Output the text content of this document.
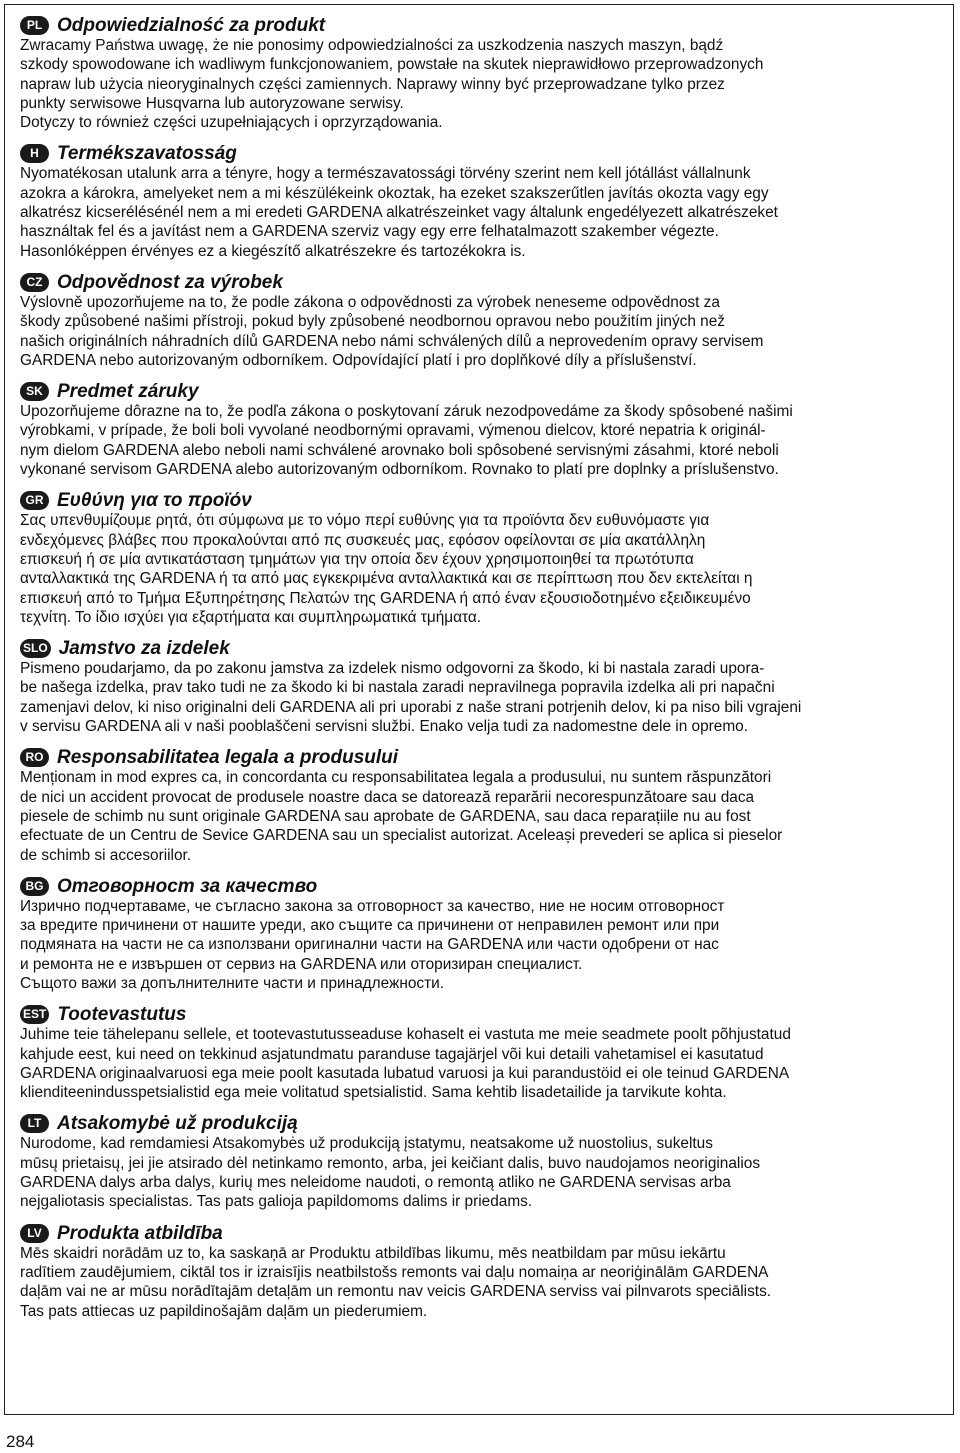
PL Odpowiedzialność za produkt
Zwracamy Państwa uwagę, że nie ponosimy odpowiedzialności za uszkodzenia naszych maszyn, bądź
szkody spowodowane ich wadliwym funkcjonowaniem, powstałe na skutek nieprawidłowo przeprowadzonych
napraw lub użycia nieoryginalnych części zamiennych. Naprawy winny być przeprowadzane tylko przez
punkty serwisowe Husqvarna lub autoryzowane serwisy.
Dotyczy to również części uzupełniających i oprzyrządowania.
H Termékszavatosság
Nyomatékosan utalunk arra a tényre, hogy a természavatossági törvény szerint nem kell jótállást vállalnunk
azokra a károkra, amelyeket nem a mi készülékeink okoztak, ha ezeket szakszerűtlen javítás okozta vagy egy
alkatrész kicserélésénél nem a mi eredeti GARDENA alkatrészeinket vagy általunk engedélyezett alkatrészeket
használtak fel és a javítást nem a GARDENA szerviz vagy egy erre felhatalmazott szakember végezte.
Hasonlóképpen érvényes ez a kiegészítő alkatrészekre és tartozékokra is.
CZ Odpovědnost za výrobek
Výslovně upozorňujeme na to, že podle zákona o odpovědnosti za výrobek neneseme odpovědnost za
škody způsobené našimi přístroji, pokud byly způsobené neodbornou opravou nebo použitím jiných než
našich originálních náhradních dílů GARDENA nebo námi schválených dílů a neprovedením opravy servisem
GARDENA nebo autorizovaným odborníkem. Odpovídající platí i pro doplňkové díly a příslušenství.
SK Predmet záruky
Upozorňujeme dôrazne na to, že podľa zákona o poskytovaní záruk nezodpovedáme za škody spôsobené našimi
výrobkami, v prípade, že boli boli vyvolané neodbornými opravami, výmenou dielcov, ktoré nepatria k originál-
nym dielom GARDENA alebo neboli nami schválené arovnako boli spôsobené servisnými zásahmi, ktoré neboli
vykonané servisom GARDENA alebo autorizovaným odborníkom. Rovnako to platí pre doplnky a príslušenstvo.
GR Ευθύνη για το προϊόν
Σας υπενθυμίζουμε ρητά, ότι σύμφωνα με το νόμο περί ευθύνης για τα προϊόντα δεν ευθυνόμαστε για
ενδεχόμενες βλάβες που προκαλούνται από πς συσκευές μας, εφόσον οφείλονται σε μία ακατάλληλη
επισκευή ή σε μία αντικατάσταση τμημάτων για την οποία δεν έχουν χρησιμοποιηθεί τα πρωτότυπα
ανταλλακτικά της GARDENA ή τα από μας εγκεκριμένα ανταλλακτικά και σε περίπτωση που δεν εκτελείται η
επισκευή από το Τμήμα Εξυπηρέτησης Πελατών της GARDENA ή από έναν εξουσιοδοτημένο εξειδικευμένο
τεχνίτη. Το ίδιο ισχύει για εξαρτήματα και συμπληρωματικά τμήματα.
SLO Jamstvo za izdelek
Pismeno poudarjamo, da po zakonu jamstva za izdelek nismo odgovorni za škodo, ki bi nastala zaradi upora-
be našega izdelka, prav tako tudi ne za škodo ki bi nastala zaradi nepravilnega popravila izdelka ali pri napačni
zamenjavi delov, ki niso originalni deli GARDENA ali pri uporabi z naše strani potrjenih delov, ki pa niso bili vgrajeni
v servisu GARDENA ali v naši pooblaščeni servisni službi. Enako velja tudi za nadomestne dele in opremo.
RO Responsabilitatea legala a produsului
Menționam in mod expres ca, in concordanta cu responsabilitatea legala a produsului, nu suntem răspunzători
de nici un accident provocat de produsele noastre daca se datorează reparării necorespunzătoare sau daca
piesele de schimb nu sunt originale GARDENA sau aprobate de GARDENA, sau daca reparațiile nu au fost
efectuate de un Centru de Sevice GARDENA sau un specialist autorizat. Aceleași prevederi se aplica si pieselor
de schimb si accesoriilor.
BG Отговорност за качество
Изрично подчертаваме, че съгласно закона за отговорност за качество, ние не носим отговорност
за вредите причинени от нашите уреди, ако същите са причинени от неправилен ремонт или при
подмяната на части не са използвани оригинални части на GARDENA или части одобрени от нас
и ремонта не е извършен от сервиз на GARDENA или оторизиран специалист.
Същото важи за допълнителните части и принадлежности.
EST Tootevastutus
Juhime teie tähelepanu sellele, et tootevastutusseaduse kohaselt ei vastuta me meie seadmete poolt põhjustatud
kahjude eest, kui need on tekkinud asjatundmatu paranduse tagajärjel või kui detaili vahetamisel ei kasutatud
GARDENA originaalvaruosi ega meie poolt kasutada lubatud varuosi ja kui parandustöid ei ole teinud GARDENA
klienditeenindusspetsialistid ega meie volitatud spetsialistid. Sama kehtib lisadetailide ja tarvikute kohta.
LT Atsakomybė už produkciją
Nurodome, kad remdamiesi Atsakomybės už produkciją įstatymu, neatsakome už nuostolius, sukeltus
mūsų prietaisų, jei jie atsirado dėl netinkamo remonto, arba, jei keičiant dalis, buvo naudojamos neoriginalios
GARDENA dalys arba dalys, kurių mes neleidome naudoti, o remontą atliko ne GARDENA servisas arba
nejgaliotasis specialistas. Tas pats galioja papildomoms dalims ir priedams.
LV Produkta atbildība
Mēs skaidri norādām uz to, ka saskaņā ar Produktu atbildības likumu, mēs neatbildam par mūsu iekārtu
radītiem zaudējumiem, ciktāl tos ir izraisījis neatbilstošs remonts vai daļu nomaiņa ar neoriģinālām GARDENA
daļām vai ne ar mūsu norādītajām detaļām un remontu nav veicis GARDENA serviss vai pilnvarots speciālists.
Tas pats attiecas uz papildinošajām daļām un piederumiem.
284
